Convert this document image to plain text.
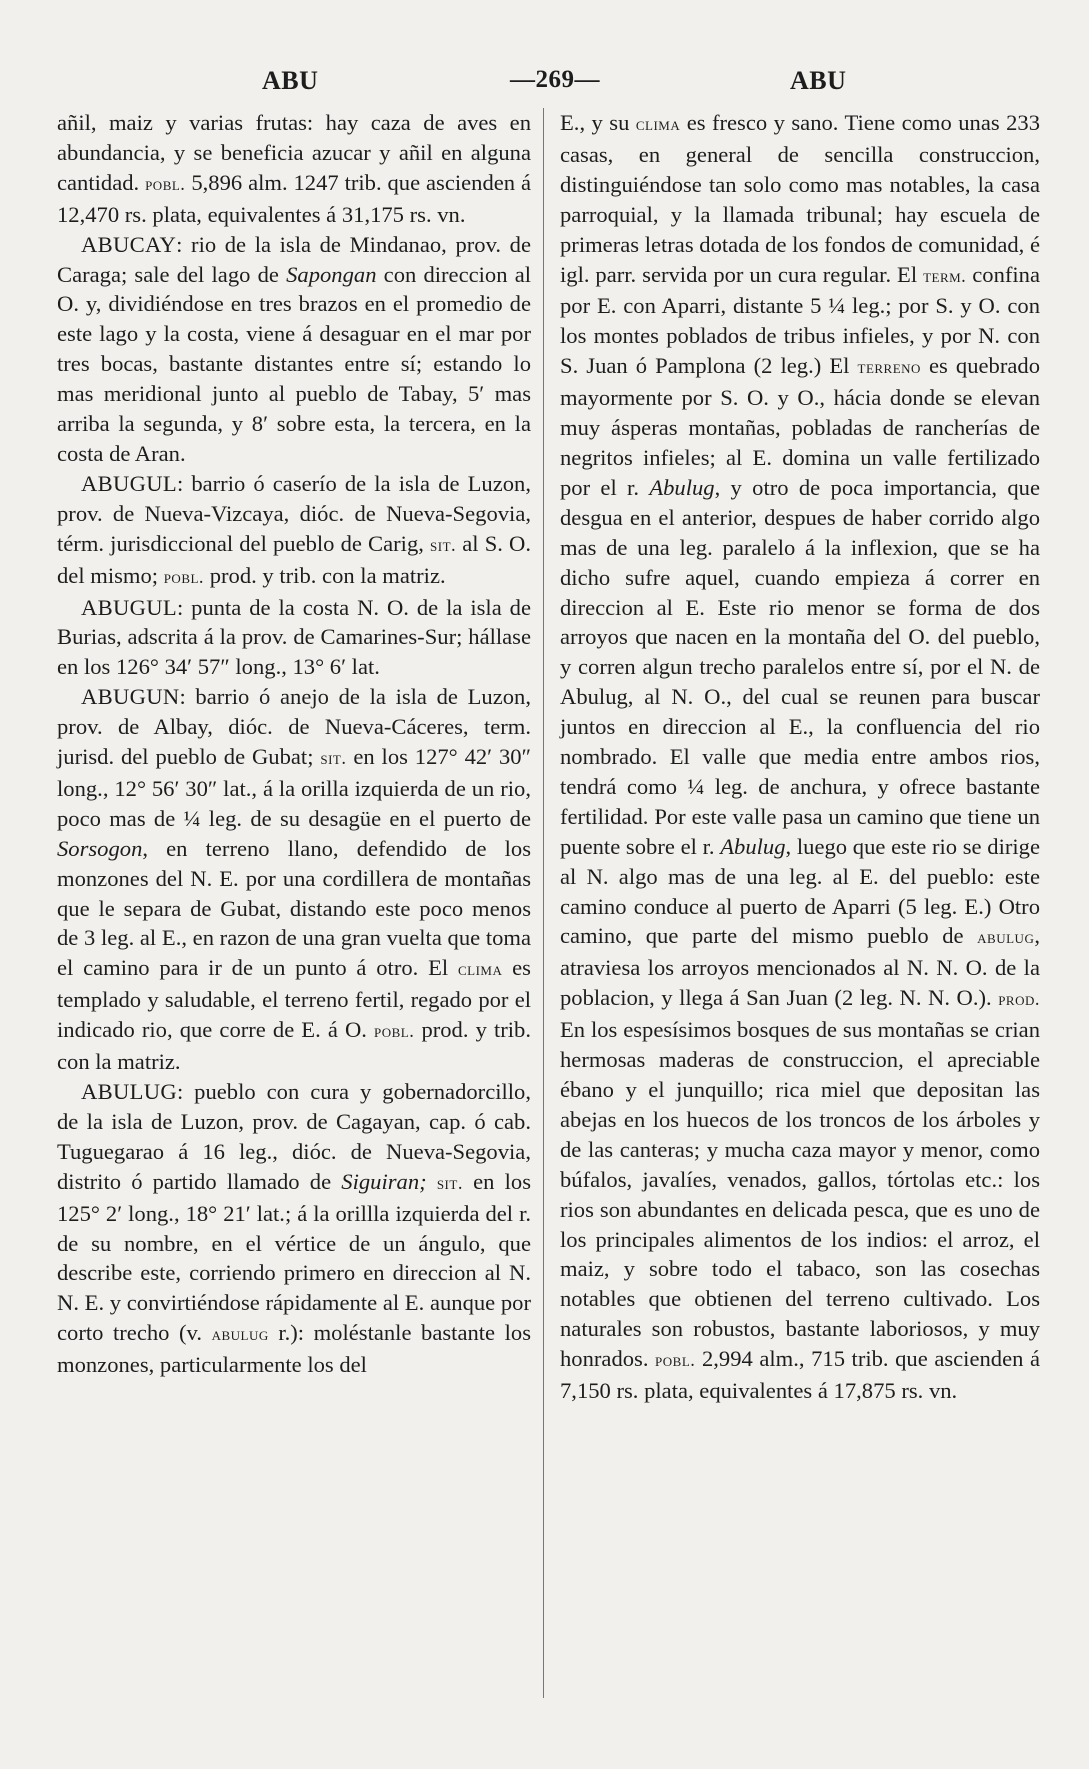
ABU	—269—	ABU

añil, maiz y varias frutas: hay caza de aves en abundancia, y se beneficia azucar y añil en alguna cantidad. pobl. 5,896 alm. 1247 trib. que ascienden á 12,470 rs. plata, equivalentes á 31,175 rs. vn.

ABUCAY: rio de la isla de Mindanao, prov. de Caraga; sale del lago de Sapongan con direccion al O. y, dividiéndose en tres brazos en el promedio de este lago y la costa, viene á desaguar en el mar por tres bocas, bastante distantes entre sí; estando lo mas meridional junto al pueblo de Tabay, 5′ mas arriba la segunda, y 8′ sobre esta, la tercera, en la costa de Aran.

ABUGUL: barrio ó caserío de la isla de Luzon, prov. de Nueva-Vizcaya, dióc. de Nueva-Segovia, térm. jurisdiccional del pueblo de Carig, sit. al S. O. del mismo; pobl. prod. y trib. con la matriz.

ABUGUL: punta de la costa N. O. de la isla de Burias, adscrita á la prov. de Camarines-Sur; hállase en los 126° 34′ 57″ long., 13° 6′ lat.

ABUGUN: barrio ó anejo de la isla de Luzon, prov. de Albay, dióc. de Nueva-Cáceres, term. jurisd. del pueblo de Gubat; sit. en los 127° 42′ 30″ long., 12° 56′ 30″ lat., á la orilla izquierda de un rio, poco mas de ¼ leg. de su desagüe en el puerto de Sorsogon, en terreno llano, defendido de los monzones del N. E. por una cordillera de montañas que le separa de Gubat, distando este poco menos de 3 leg. al E., en razon de una gran vuelta que toma el camino para ir de un punto á otro. El clima es templado y saludable, el terreno fertil, regado por el indicado rio, que corre de E. á O. pobl. prod. y trib. con la matriz.

ABULUG: pueblo con cura y gobernadorcillo, de la isla de Luzon, prov. de Cagayan, cap. ó cab. Tuguegarao á 16 leg., dióc. de Nueva-Segovia, distrito ó partido llamado de Siguiran; sit. en los 125° 2′ long., 18° 21′ lat.; á la orillla izquierda del r. de su nombre, en el vértice de un ángulo, que describe este, corriendo primero en direccion al N. N. E. y convirtiéndose rápidamente al E. aunque por corto trecho (v. abulug r.): moléstanle bastante los monzones, particularmente los del

E., y su clima es fresco y sano. Tiene como unas 233 casas, en general de sencilla construccion, distinguiéndose tan solo como mas notables, la casa parroquial, y la llamada tribunal; hay escuela de primeras letras dotada de los fondos de comunidad, é igl. parr. servida por un cura regular. El term. confina por E. con Aparri, distante 5 ¼ leg.; por S. y O. con los montes poblados de tribus infieles, y por N. con S. Juan ó Pamplona (2 leg.) El terreno es quebrado mayormente por S. O. y O., hácia donde se elevan muy ásperas montañas, pobladas de rancherías de negritos infieles; al E. domina un valle fertilizado por el r. Abulug, y otro de poca importancia, que desgua en el anterior, despues de haber corrido algo mas de una leg. paralelo á la inflexion, que se ha dicho sufre aquel, cuando empieza á correr en direccion al E. Este rio menor se forma de dos arroyos que nacen en la montaña del O. del pueblo, y corren algun trecho paralelos entre sí, por el N. de Abulug, al N. O., del cual se reunen para buscar juntos en direccion al E., la confluencia del rio nombrado. El valle que media entre ambos rios, tendrá como ¼ leg. de anchura, y ofrece bastante fertilidad. Por este valle pasa un camino que tiene un puente sobre el r. Abulug, luego que este rio se dirige al N. algo mas de una leg. al E. del pueblo: este camino conduce al puerto de Aparri (5 leg. E.) Otro camino, que parte del mismo pueblo de abulug, atraviesa los arroyos mencionados al N. N. O. de la poblacion, y llega á San Juan (2 leg. N. N. O.). prod. En los espesísimos bosques de sus montañas se crian hermosas maderas de construccion, el apreciable ébano y el junquillo; rica miel que depositan las abejas en los huecos de los troncos de los árboles y de las canteras; y mucha caza mayor y menor, como búfalos, javalíes, venados, gallos, tórtolas etc.: los rios son abundantes en delicada pesca, que es uno de los principales alimentos de los indios: el arroz, el maiz, y sobre todo el tabaco, son las cosechas notables que obtienen del terreno cultivado. Los naturales son robustos, bastante laboriosos, y muy honrados. pobl. 2,994 alm., 715 trib. que ascienden á 7,150 rs. plata, equivalentes á 17,875 rs. vn.
